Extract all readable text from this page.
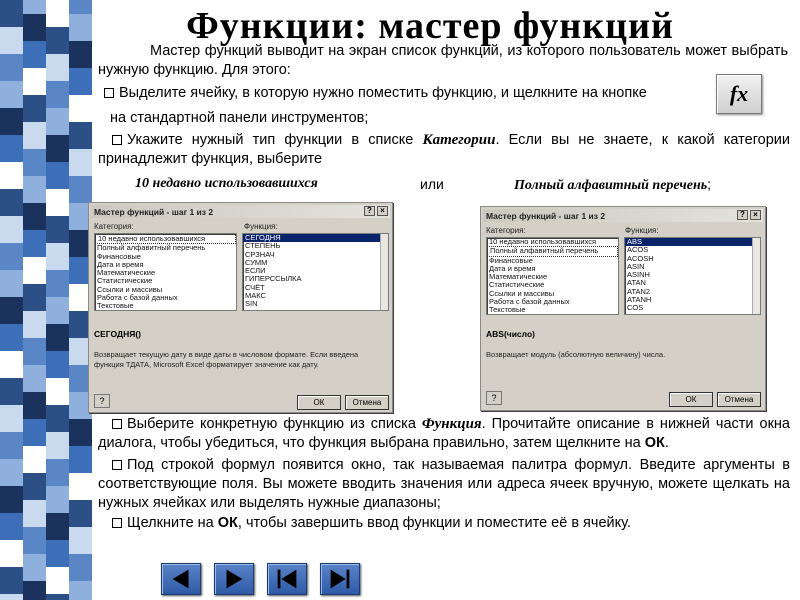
Функции: мастер функций
Мастер функций выводит на экран список функций, из которого пользователь может выбрать нужную функцию. Для этого:
Выделите ячейку, в которую нужно поместить функцию, и щелкните на кнопке	fx
на стандартной панели инструментов;
Укажите нужный тип функции в списке Категории. Если вы не знаете, к какой категории принадлежит функция, выберите
10 недавно использовавшихся	или	Полный алфавитный перечень;
Мастер функций - шаг 1 из 2	?	×
Категория:	Функция:
10 недавно использовавшихся
Полный алфавитный перечень
Финансовые
Дата и время
Математические
Статистические
Ссылки и массивы
Работа с базой данных
Текстовые
СЕГОДНЯ
СТЕПЕНЬ
СРЗНАЧ
СУММ
ЕСЛИ
ГИПЕРССЫЛКА
СЧЁТ
МАКС
SIN
СЕГОДНЯ()
Возвращает текущую дату в виде даты в числовом формате. Если введена функция ТДАТА, Microsoft Excel форматирует значение как дату.
?	ОК	Отмена
Мастер функций - шаг 1 из 2	?	×
Категория:	Функция:
10 недавно использовавшихся
Полный алфавитный перечень
Финансовые
Дата и время
Математические
Статистические
Ссылки и массивы
Работа с базой данных
Текстовые
ABS
ACOS
ACOSH
ASIN
ASINH
ATAN
ATAN2
ATANH
COS
ABS(число)
Возвращает модуль (абсолютную величину) числа.
?	ОК	Отмена
Выберите конкретную функцию из списка Функция. Прочитайте описание в нижней части окна диалога, чтобы убедиться, что функция выбрана правильно, затем щелкните на ОК.
Под строкой формул появится окно, так называемая палитра формул. Введите аргументы в соответствующие поля. Вы можете вводить значения или адреса ячеек вручную, можете щелкать на нужных ячейках или выделять нужные диапазоны;
Щелкните на ОК, чтобы завершить ввод функции и поместите её в ячейку.
